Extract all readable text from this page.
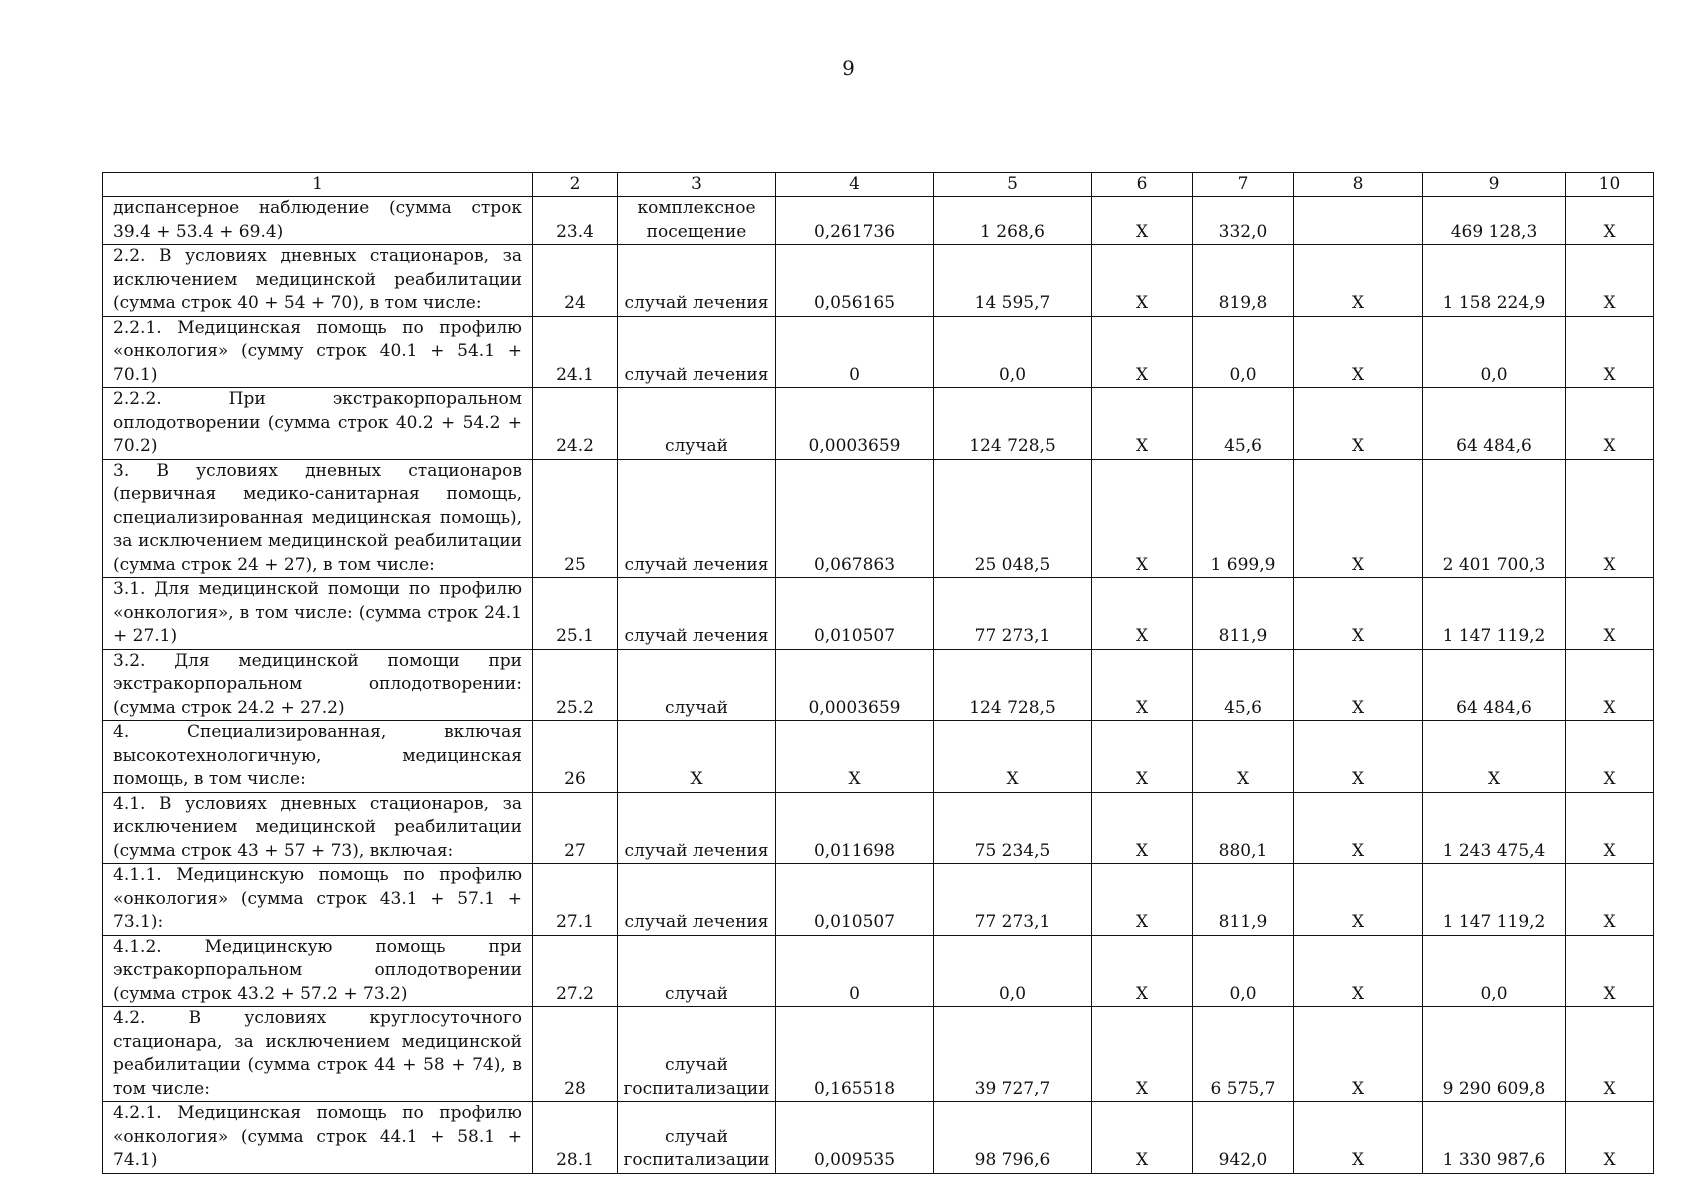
9
1	2	3	4	5	6	7	8	9	10
диспансерное наблюдение (сумма строк 39.4 + 53.4 + 69.4)	23.4	комплексное посещение	0,261736	1 268,6	Х	332,0		469 128,3	Х
2.2. В условиях дневных стационаров, за исключением медицинской реабилитации (сумма строк 40 + 54 + 70), в том числе:	24	случай лечения	0,056165	14 595,7	Х	819,8	Х	1 158 224,9	Х
2.2.1. Медицинская помощь по профилю «онкология» (сумму строк 40.1 + 54.1 + 70.1)	24.1	случай лечения	0	0,0	Х	0,0	Х	0,0	Х
2.2.2. При экстракорпоральном оплодотворении (сумма строк 40.2 + 54.2 + 70.2)	24.2	случай	0,0003659	124 728,5	Х	45,6	Х	64 484,6	Х
3. В условиях дневных стационаров (первичная медико-санитарная помощь, специализированная медицинская помощь), за исключением медицинской реабилитации (сумма строк 24 + 27), в том числе:	25	случай лечения	0,067863	25 048,5	Х	1 699,9	Х	2 401 700,3	Х
3.1. Для медицинской помощи по профилю «онкология», в том числе: (сумма строк 24.1 + 27.1)	25.1	случай лечения	0,010507	77 273,1	Х	811,9	Х	1 147 119,2	Х
3.2. Для медицинской помощи при экстракорпоральном оплодотворении: (сумма строк 24.2 + 27.2)	25.2	случай	0,0003659	124 728,5	Х	45,6	Х	64 484,6	Х
4. Специализированная, включая высокотехнологичную, медицинская помощь, в том числе:	26	Х	Х	Х	Х	Х	Х	Х	Х
4.1. В условиях дневных стационаров, за исключением медицинской реабилитации (сумма строк 43 + 57 + 73), включая:	27	случай лечения	0,011698	75 234,5	Х	880,1	Х	1 243 475,4	Х
4.1.1. Медицинскую помощь по профилю «онкология» (сумма строк 43.1 + 57.1 + 73.1):	27.1	случай лечения	0,010507	77 273,1	Х	811,9	Х	1 147 119,2	Х
4.1.2. Медицинскую помощь при экстракорпоральном оплодотворении (сумма строк 43.2 + 57.2 + 73.2)	27.2	случай	0	0,0	Х	0,0	Х	0,0	Х
4.2. В условиях круглосуточного стационара, за исключением медицинской реабилитации (сумма строк 44 + 58 + 74), в том числе:	28	случай госпитализации	0,165518	39 727,7	Х	6 575,7	Х	9 290 609,8	Х
4.2.1. Медицинская помощь по профилю «онкология» (сумма строк 44.1 + 58.1 + 74.1)	28.1	случай госпитализации	0,009535	98 796,6	Х	942,0	Х	1 330 987,6	Х
